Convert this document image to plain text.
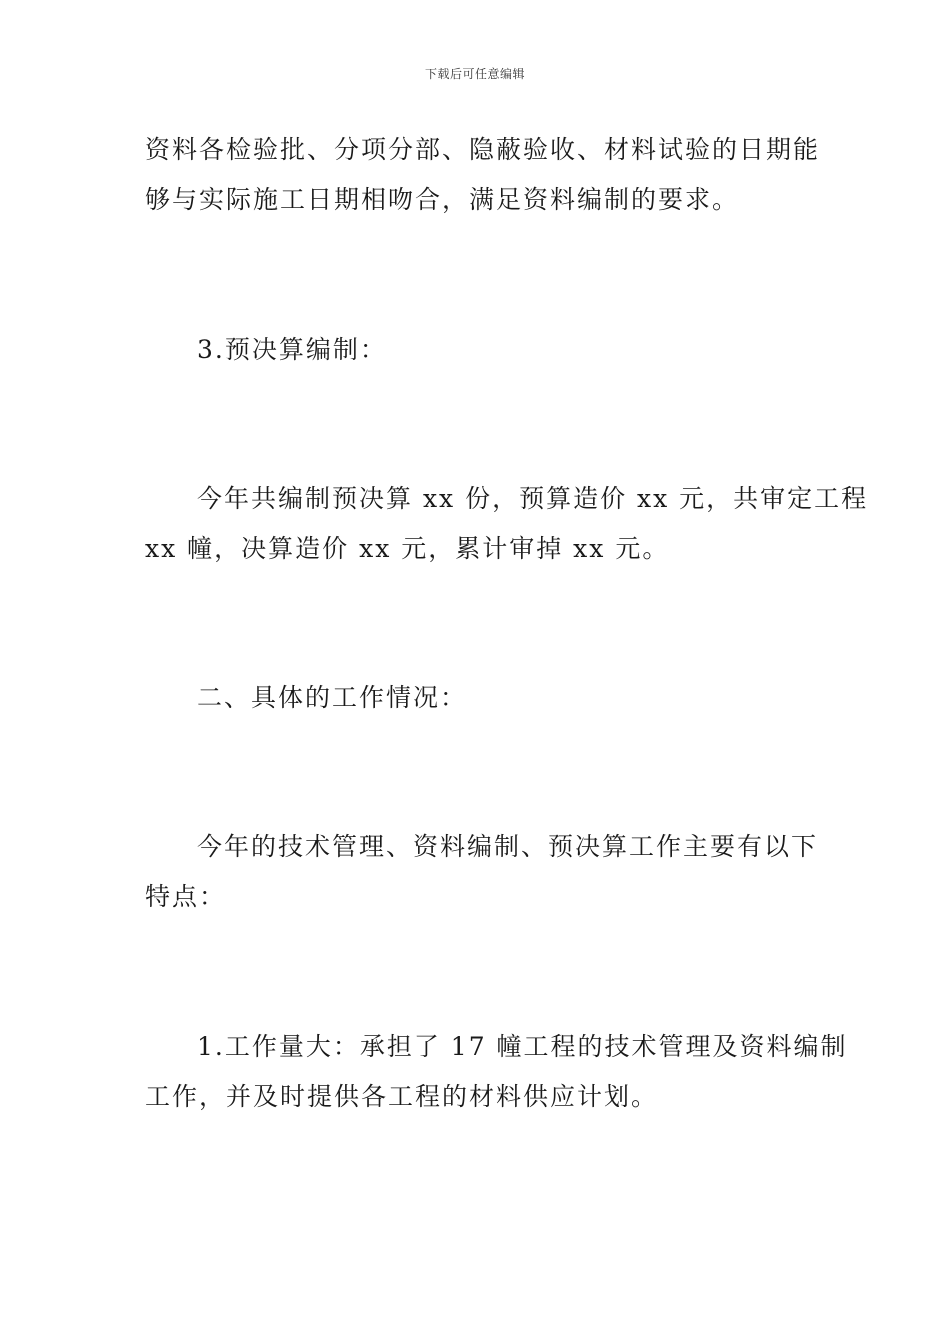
下载后可任意编辑
资料各检验批、分项分部、隐蔽验收、材料试验的日期能
够与实际施工日期相吻合，满足资料编制的要求。
3.预决算编制：
今年共编制预决算 xx 份，预算造价 xx 元，共审定工程
xx 幢，决算造价 xx 元，累计审掉 xx 元。
二、具体的工作情况：
今年的技术管理、资料编制、预决算工作主要有以下
特点：
1.工作量大：承担了 17 幢工程的技术管理及资料编制
工作，并及时提供各工程的材料供应计划。
